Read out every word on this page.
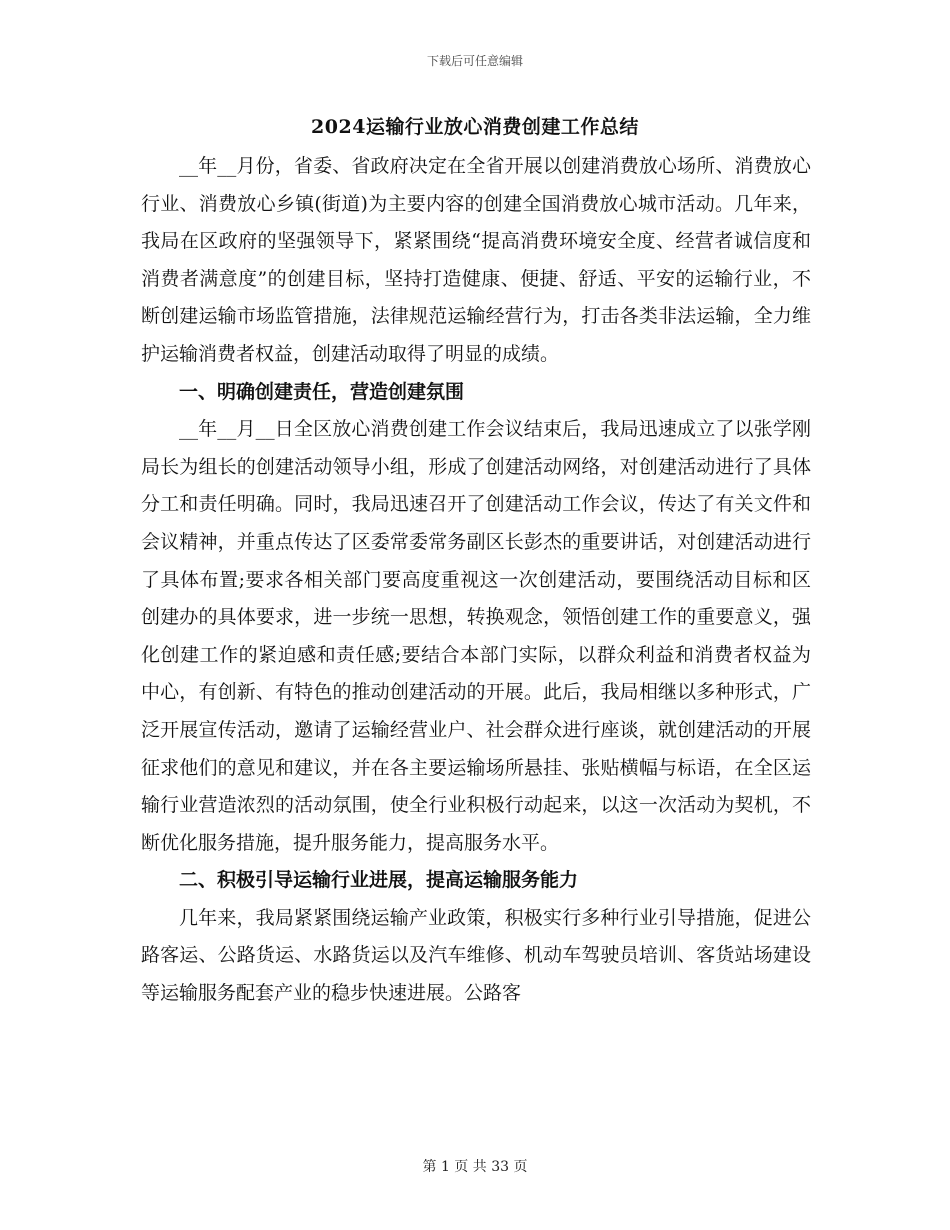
下载后可任意编辑
2024运输行业放心消费创建工作总结

__年__月份，省委、省政府决定在全省开展以创建消费放心场所、消费放心行业、消费放心乡镇(街道)为主要内容的创建全国消费放心城市活动。几年来，我局在区政府的坚强领导下，紧紧围绕“提高消费环境安全度、经营者诚信度和消费者满意度”的创建目标，坚持打造健康、便捷、舒适、平安的运输行业，不断创建运输市场监管措施，法律规范运输经营行为，打击各类非法运输，全力维护运输消费者权益，创建活动取得了明显的成绩。

一、明确创建责任，营造创建氛围

__年__月__日全区放心消费创建工作会议结束后，我局迅速成立了以张学刚局长为组长的创建活动领导小组，形成了创建活动网络，对创建活动进行了具体分工和责任明确。同时，我局迅速召开了创建活动工作会议，传达了有关文件和会议精神，并重点传达了区委常委常务副区长彭杰的重要讲话，对创建活动进行了具体布置;要求各相关部门要高度重视这一次创建活动，要围绕活动目标和区创建办的具体要求，进一步统一思想，转换观念，领悟创建工作的重要意义，强化创建工作的紧迫感和责任感;要结合本部门实际，以群众利益和消费者权益为中心，有创新、有特色的推动创建活动的开展。此后，我局相继以多种形式，广泛开展宣传活动，邀请了运输经营业户、社会群众进行座谈，就创建活动的开展征求他们的意见和建议，并在各主要运输场所悬挂、张贴横幅与标语，在全区运输行业营造浓烈的活动氛围，使全行业积极行动起来，以这一次活动为契机，不断优化服务措施，提升服务能力，提高服务水平。

二、积极引导运输行业进展，提高运输服务能力

几年来，我局紧紧围绕运输产业政策，积极实行多种行业引导措施，促进公路客运、公路货运、水路货运以及汽车维修、机动车驾驶员培训、客货站场建设等运输服务配套产业的稳步快速进展。公路客

第 1 页 共 33 页
